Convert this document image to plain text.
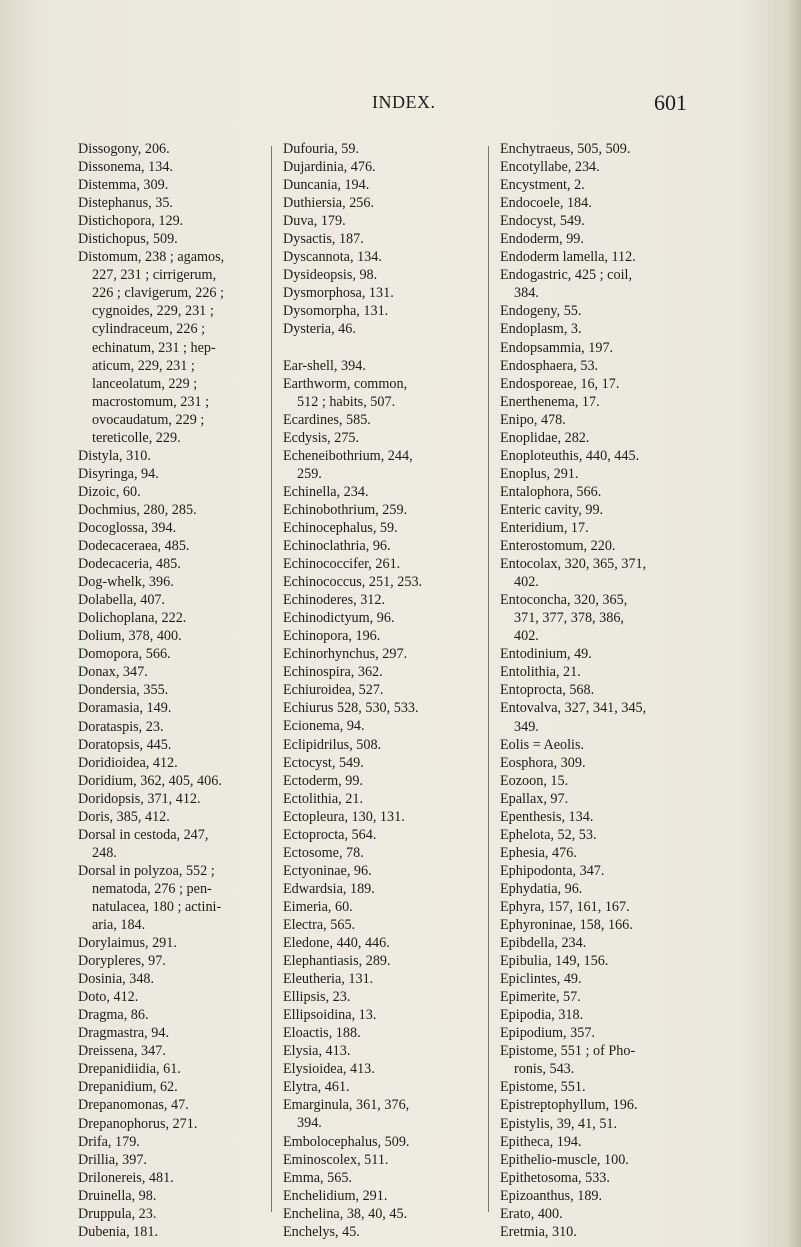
INDEX.	601
Dissogony, 206.
Dissonema, 134.
Distemma, 309.
Distephanus, 35.
Distichopora, 129.
Distichopus, 509.
Distomum, 238 ; agamos,
227, 231 ; cirrigerum,
226 ; clavigerum, 226 ;
cygnoides, 229, 231 ;
cylindraceum, 226 ;
echinatum, 231 ; hep-
aticum, 229, 231 ;
lanceolatum, 229 ;
macrostomum, 231 ;
ovocaudatum, 229 ;
tereticolle, 229.
Distyla, 310.
Disyringa, 94.
Dizoic, 60.
Dochmius, 280, 285.
Docoglossa, 394.
Dodecaceraea, 485.
Dodecaceria, 485.
Dog-whelk, 396.
Dolabella, 407.
Dolichoplana, 222.
Dolium, 378, 400.
Domopora, 566.
Donax, 347.
Dondersia, 355.
Doramasia, 149.
Dorataspis, 23.
Doratopsis, 445.
Doridioidea, 412.
Doridium, 362, 405, 406.
Doridopsis, 371, 412.
Doris, 385, 412.
Dorsal in cestoda, 247,
248.
Dorsal in polyzoa, 552 ;
nematoda, 276 ; pen-
natulacea, 180 ; actini-
aria, 184.
Dorylaimus, 291.
Dorypleres, 97.
Dosinia, 348.
Doto, 412.
Dragma, 86.
Dragmastra, 94.
Dreissena, 347.
Drepanidiidia, 61.
Drepanidium, 62.
Drepanomonas, 47.
Drepanophorus, 271.
Drifa, 179.
Drillia, 397.
Drilonereis, 481.
Druinella, 98.
Druppula, 23.
Dubenia, 181.
Dufouria, 59.
Dujardinia, 476.
Duncania, 194.
Duthiersia, 256.
Duva, 179.
Dysactis, 187.
Dyscannota, 134.
Dysideopsis, 98.
Dysmorphosa, 131.
Dysomorpha, 131.
Dysteria, 46.
Ear-shell, 394.
Earthworm, common,
512 ; habits, 507.
Ecardines, 585.
Ecdysis, 275.
Echeneibothrium, 244,
259.
Echinella, 234.
Echinobothrium, 259.
Echinocephalus, 59.
Echinoclathria, 96.
Echinococcifer, 261.
Echinococcus, 251, 253.
Echinoderes, 312.
Echinodictyum, 96.
Echinopora, 196.
Echinorhynchus, 297.
Echinospira, 362.
Echiuroidea, 527.
Echiurus 528, 530, 533.
Ecionema, 94.
Eclipidrilus, 508.
Ectocyst, 549.
Ectoderm, 99.
Ectolithia, 21.
Ectopleura, 130, 131.
Ectoprocta, 564.
Ectosome, 78.
Ectyoninae, 96.
Edwardsia, 189.
Eimeria, 60.
Electra, 565.
Eledone, 440, 446.
Elephantiasis, 289.
Eleutheria, 131.
Ellipsis, 23.
Ellipsoidina, 13.
Eloactis, 188.
Elysia, 413.
Elysioidea, 413.
Elytra, 461.
Emarginula, 361, 376,
394.
Embolocephalus, 509.
Eminoscolex, 511.
Emma, 565.
Enchelidium, 291.
Enchelina, 38, 40, 45.
Enchelys, 45.
Enchytraeus, 505, 509.
Encotyllabe, 234.
Encystment, 2.
Endocoele, 184.
Endocyst, 549.
Endoderm, 99.
Endoderm lamella, 112.
Endogastric, 425 ; coil,
384.
Endogeny, 55.
Endoplasm, 3.
Endopsammia, 197.
Endosphaera, 53.
Endosporeae, 16, 17.
Enerthenema, 17.
Enipo, 478.
Enoplidae, 282.
Enoploteuthis, 440, 445.
Enoplus, 291.
Entalophora, 566.
Enteric cavity, 99.
Enteridium, 17.
Enterostomum, 220.
Entocolax, 320, 365, 371,
402.
Entoconcha, 320, 365,
371, 377, 378, 386,
402.
Entodinium, 49.
Entolithia, 21.
Entoprocta, 568.
Entovalva, 327, 341, 345,
349.
Eolis = Aeolis.
Eosphora, 309.
Eozoon, 15.
Epallax, 97.
Epenthesis, 134.
Ephelota, 52, 53.
Ephesia, 476.
Ephipodonta, 347.
Ephydatia, 96.
Ephyra, 157, 161, 167.
Ephyroninae, 158, 166.
Epibdella, 234.
Epibulia, 149, 156.
Epiclintes, 49.
Epimerite, 57.
Epipodia, 318.
Epipodium, 357.
Epistome, 551 ; of Pho-
ronis, 543.
Epistome, 551.
Epistreptophyllum, 196.
Epistylis, 39, 41, 51.
Epitheca, 194.
Epithelio-muscle, 100.
Epithetosoma, 533.
Epizoanthus, 189.
Erato, 400.
Eretmia, 310.
